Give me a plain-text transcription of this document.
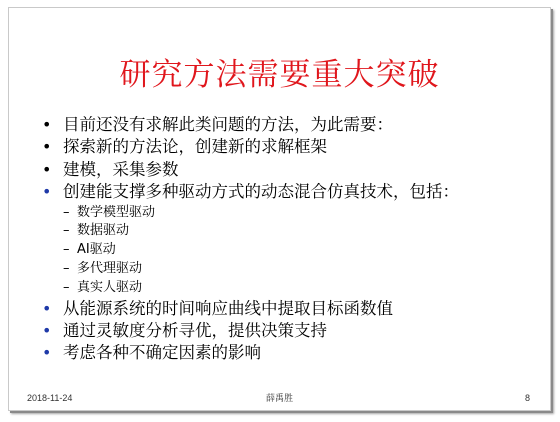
研究方法需要重大突破
• 目前还没有求解此类问题的方法，为此需要：
• 探索新的方法论，创建新的求解框架
• 建模，采集参数
• 创建能支撑多种驱动方式的动态混合仿真技术，包括：
– 数学模型驱动
– 数据驱动
– AI驱动
– 多代理驱动
– 真实人驱动
• 从能源系统的时间响应曲线中提取目标函数值
• 通过灵敏度分析寻优，提供决策支持
• 考虑各种不确定因素的影响
2018-11-24	薛禹胜	8
